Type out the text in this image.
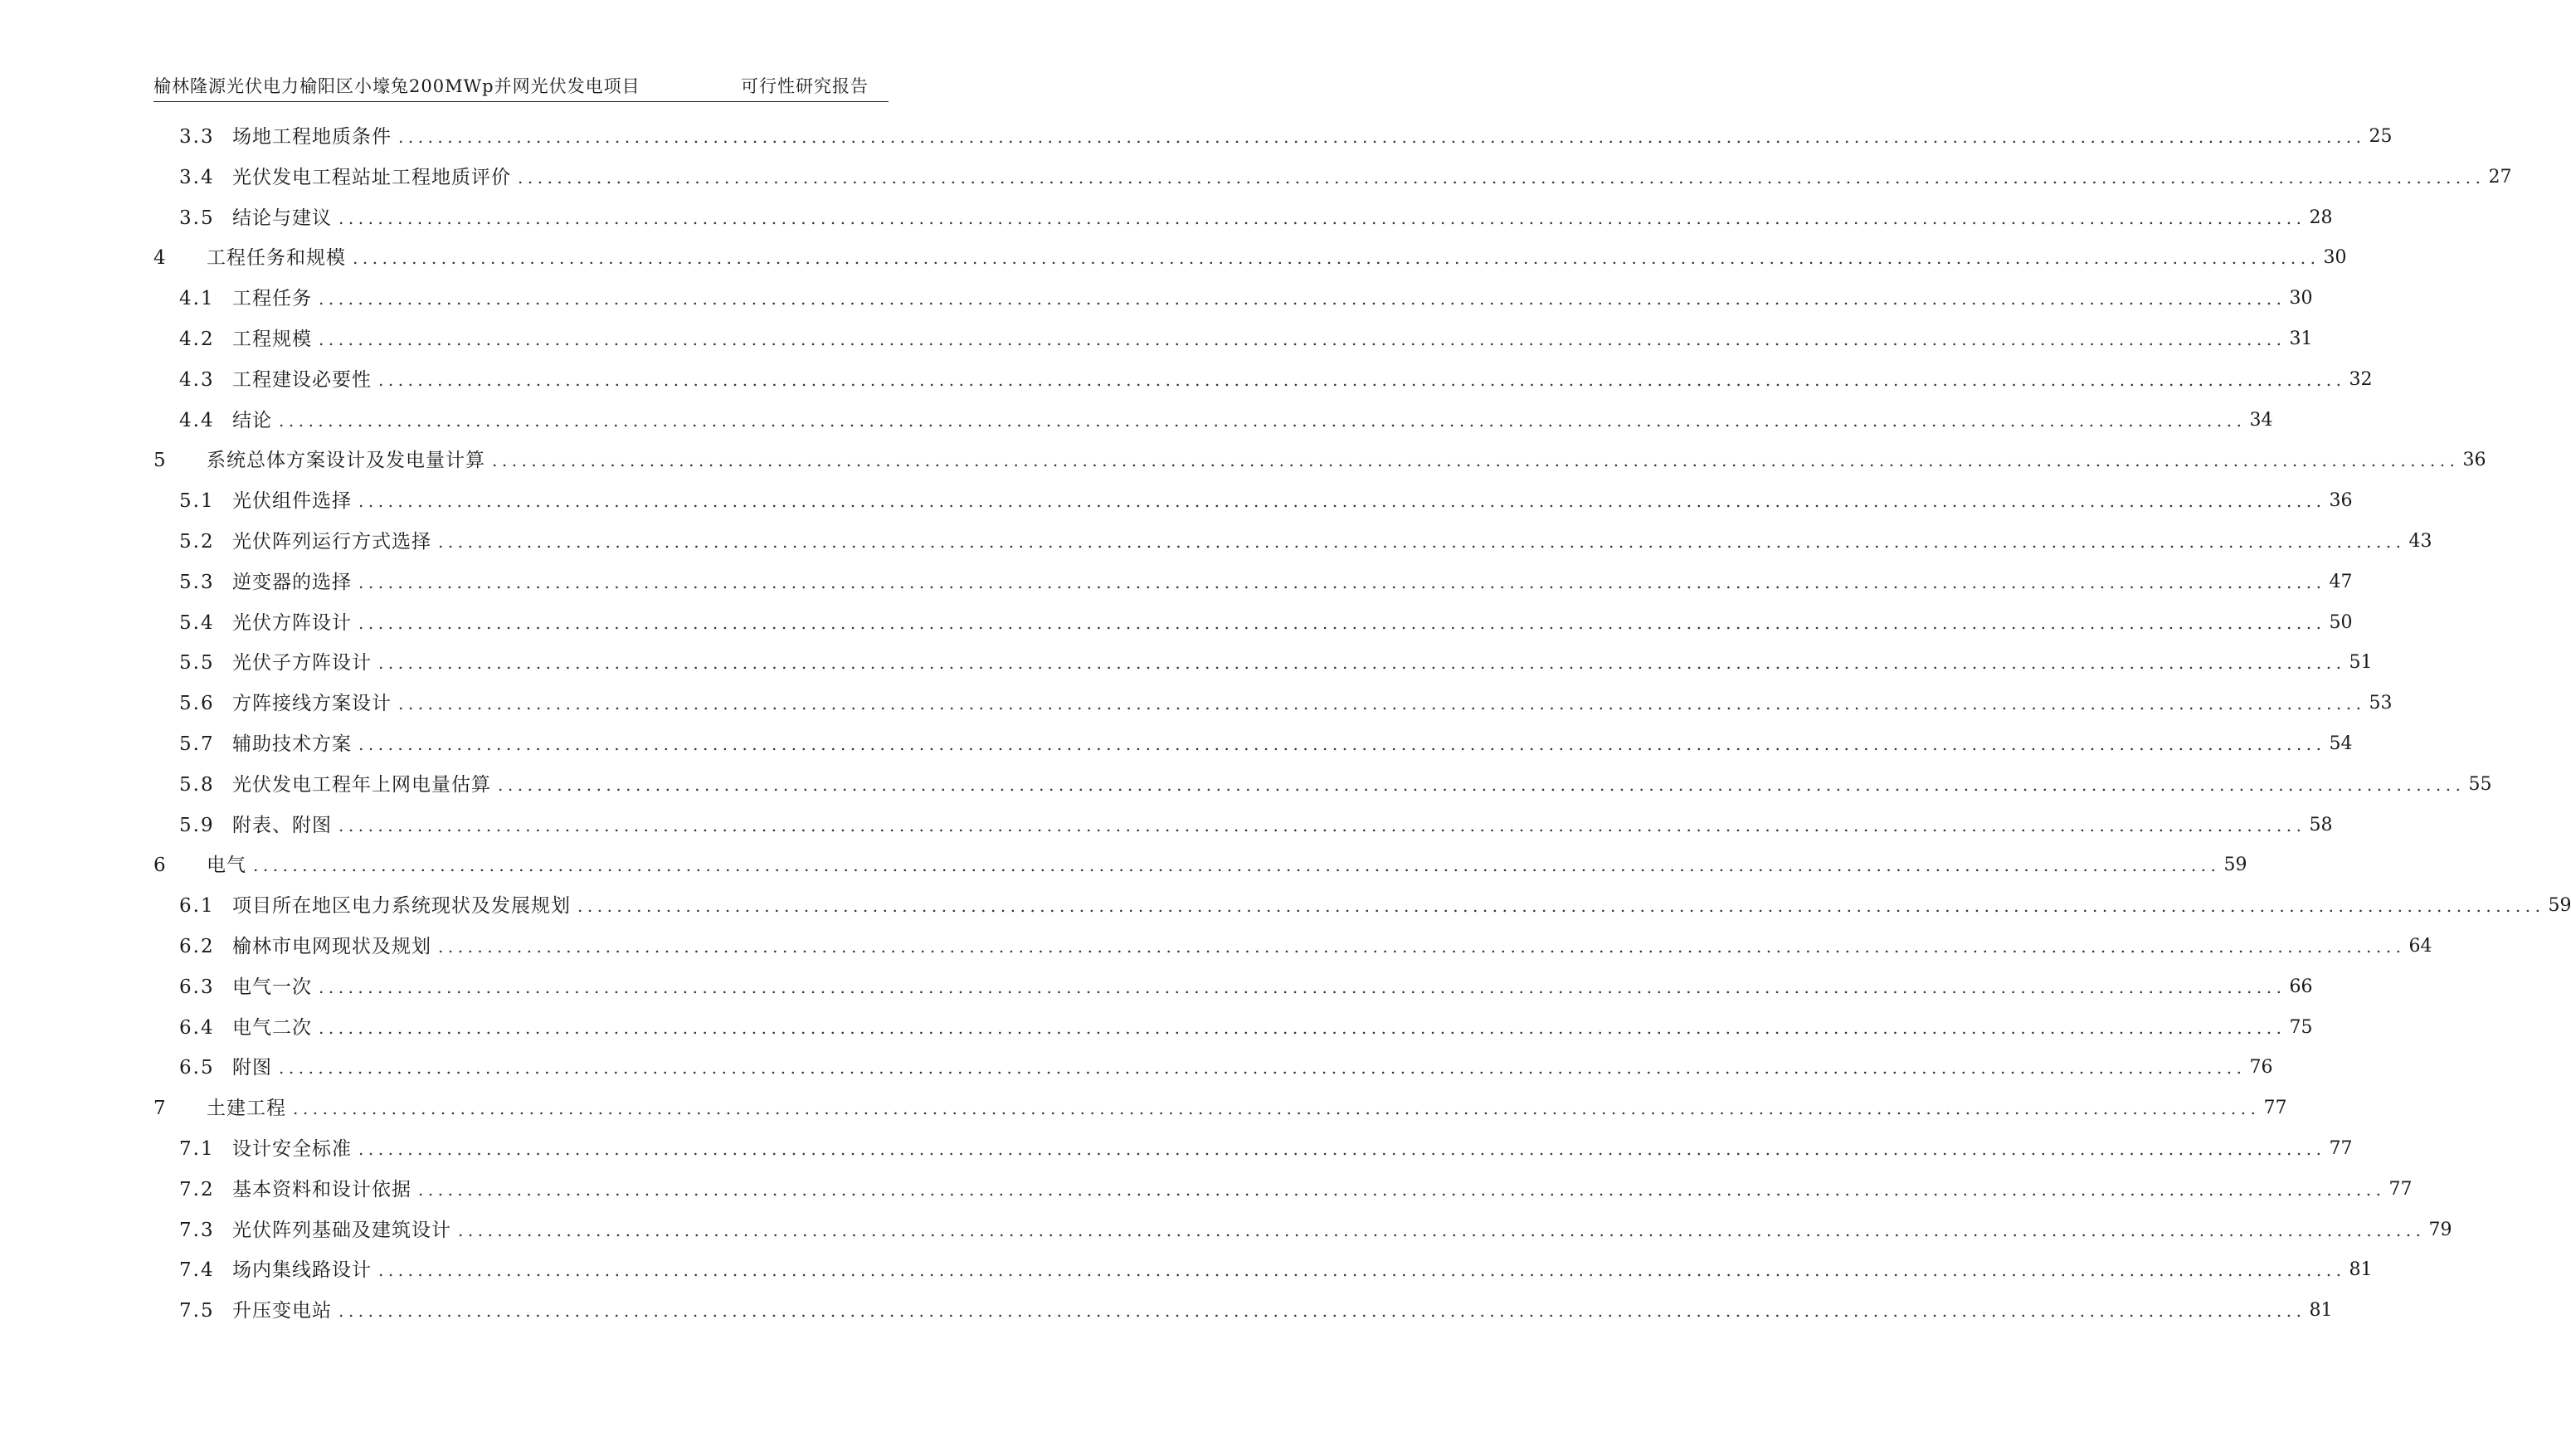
榆林隆源光伏电力榆阳区小壕兔200MWp并网光伏发电项目	可行性研究报告
3.3 场地工程地质条件 ........................................................................................................................................................................................................ 25
3.4 光伏发电工程站址工程地质评价 ........................................................................................................................................................................................................ 27
3.5 结论与建议 ........................................................................................................................................................................................................ 28
4	工程任务和规模 ........................................................................................................................................................................................................ 30
4.1 工程任务 ........................................................................................................................................................................................................ 30
4.2 工程规模 ........................................................................................................................................................................................................ 31
4.3 工程建设必要性 ........................................................................................................................................................................................................ 32
4.4 结论 ........................................................................................................................................................................................................ 34
5	系统总体方案设计及发电量计算 ........................................................................................................................................................................................................ 36
5.1 光伏组件选择 ........................................................................................................................................................................................................ 36
5.2 光伏阵列运行方式选择 ........................................................................................................................................................................................................ 43
5.3 逆变器的选择 ........................................................................................................................................................................................................ 47
5.4 光伏方阵设计 ........................................................................................................................................................................................................ 50
5.5 光伏子方阵设计 ........................................................................................................................................................................................................ 51
5.6 方阵接线方案设计 ........................................................................................................................................................................................................ 53
5.7 辅助技术方案 ........................................................................................................................................................................................................ 54
5.8 光伏发电工程年上网电量估算 ........................................................................................................................................................................................................ 55
5.9 附表、附图 ........................................................................................................................................................................................................ 58
6	电气 ........................................................................................................................................................................................................ 59
6.1 项目所在地区电力系统现状及发展规划 ........................................................................................................................................................................................................ 59
6.2 榆林市电网现状及规划 ........................................................................................................................................................................................................ 64
6.3 电气一次 ........................................................................................................................................................................................................ 66
6.4 电气二次 ........................................................................................................................................................................................................ 75
6.5 附图 ........................................................................................................................................................................................................ 76
7	土建工程 ........................................................................................................................................................................................................ 77
7.1 设计安全标准 ........................................................................................................................................................................................................ 77
7.2 基本资料和设计依据 ........................................................................................................................................................................................................ 77
7.3 光伏阵列基础及建筑设计 ........................................................................................................................................................................................................ 79
7.4 场内集线路设计 ........................................................................................................................................................................................................ 81
7.5 升压变电站 ........................................................................................................................................................................................................ 81
